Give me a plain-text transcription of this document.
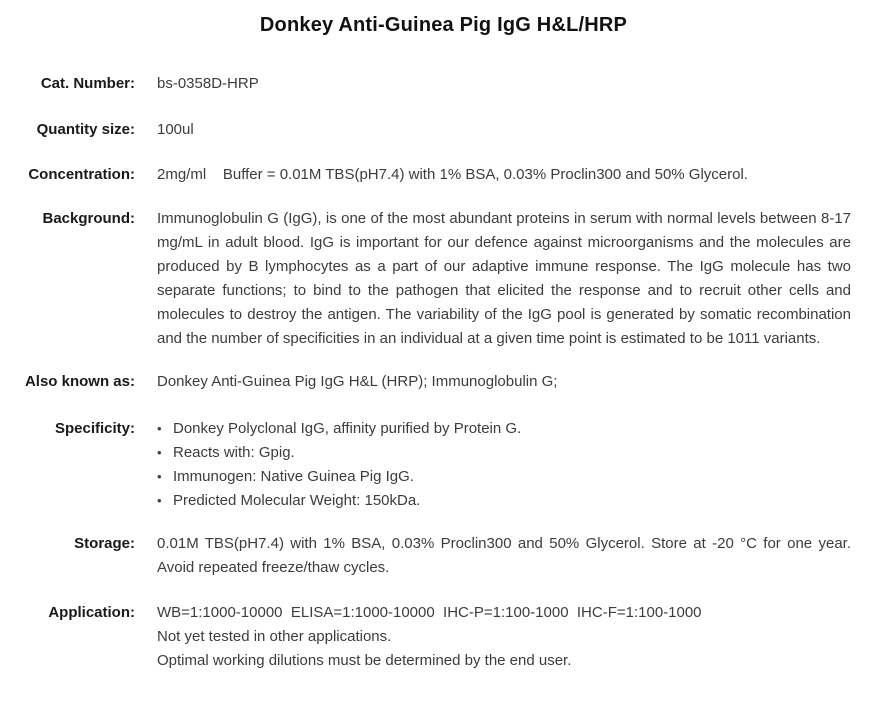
Donkey Anti-Guinea Pig IgG H&L/HRP
Cat. Number: bs-0358D-HRP
Quantity size: 100ul
Concentration: 2mg/ml    Buffer = 0.01M TBS(pH7.4) with 1% BSA, 0.03% Proclin300 and 50% Glycerol.
Background: Immunoglobulin G (IgG), is one of the most abundant proteins in serum with normal levels between 8-17 mg/mL in adult blood. IgG is important for our defence against microorganisms and the molecules are produced by B lymphocytes as a part of our adaptive immune response. The IgG molecule has two separate functions; to bind to the pathogen that elicited the response and to recruit other cells and molecules to destroy the antigen. The variability of the IgG pool is generated by somatic recombination and the number of specificities in an individual at a given time point is estimated to be 1011 variants.
Also known as: Donkey Anti-Guinea Pig IgG H&L (HRP); Immunoglobulin G;
Specificity: • Donkey Polyclonal IgG, affinity purified by Protein G.
• Reacts with: Gpig.
• Immunogen: Native Guinea Pig IgG.
• Predicted Molecular Weight: 150kDa.
Storage: 0.01M TBS(pH7.4) with 1% BSA, 0.03% Proclin300 and 50% Glycerol. Store at -20 °C for one year. Avoid repeated freeze/thaw cycles.
Application: WB=1:1000-10000  ELISA=1:1000-10000  IHC-P=1:100-1000  IHC-F=1:100-1000
Not yet tested in other applications.
Optimal working dilutions must be determined by the end user.
